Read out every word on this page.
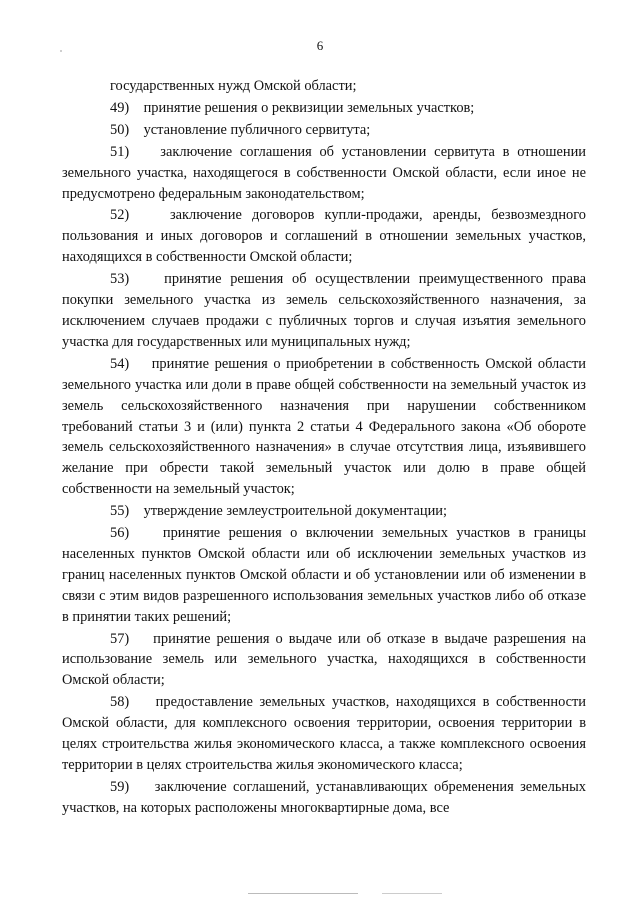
6

государственных нужд Омской области;

49) принятие решения о реквизиции земельных участков;

50) установление публичного сервитута;

51) заключение соглашения об установлении сервитута в отношении земельного участка, находящегося в собственности Омской области, если иное не предусмотрено федеральным законодательством;

52)	заключение договоров купли-продажи, аренды, безвозмездного пользования и иных договоров и соглашений в отношении земельных участков, находящихся в собственности Омской области;

53) принятие решения об осуществлении преимущественного права покупки земельного участка из земель сельскохозяйственного назначения, за исключением случаев продажи с публичных торгов и случая изъятия земельного участка для государственных или муниципальных нужд;

54) принятие решения о приобретении в собственность Омской области земельного участка или доли в праве общей собственности на земельный участок из земель сельскохозяйственного назначения при нарушении собственником требований статьи 3 и (или) пункта 2 статьи 4 Федерального закона «Об обороте земель сельскохозяйственного назначения» в случае отсутствия лица, изъявившего желание при обрести такой земельный участок или долю в праве общей собственности на земельный участок;

55) утверждение землеустроительной документации;

56) принятие решения о включении земельных участков в границы населенных пунктов Омской области или об исключении земельных участков из границ населенных пунктов Омской области и об установлении или об изменении в связи с этим видов разрешенного использования земельных участков либо об отказе в принятии таких решений;

57) принятие решения о выдаче или об отказе в выдаче разрешения на использование земель или земельного участка, находящихся в собственности Омской области;

58) предоставление земельных участков, находящихся в собственности Омской области, для комплексного освоения территории, освоения территории в целях строительства жилья экономического класса, а также комплексного освоения территории в целях строительства жилья экономического класса;

59) заключение соглашений, устанавливающих обременения земельных участков, на которых расположены многоквартирные дома, все
